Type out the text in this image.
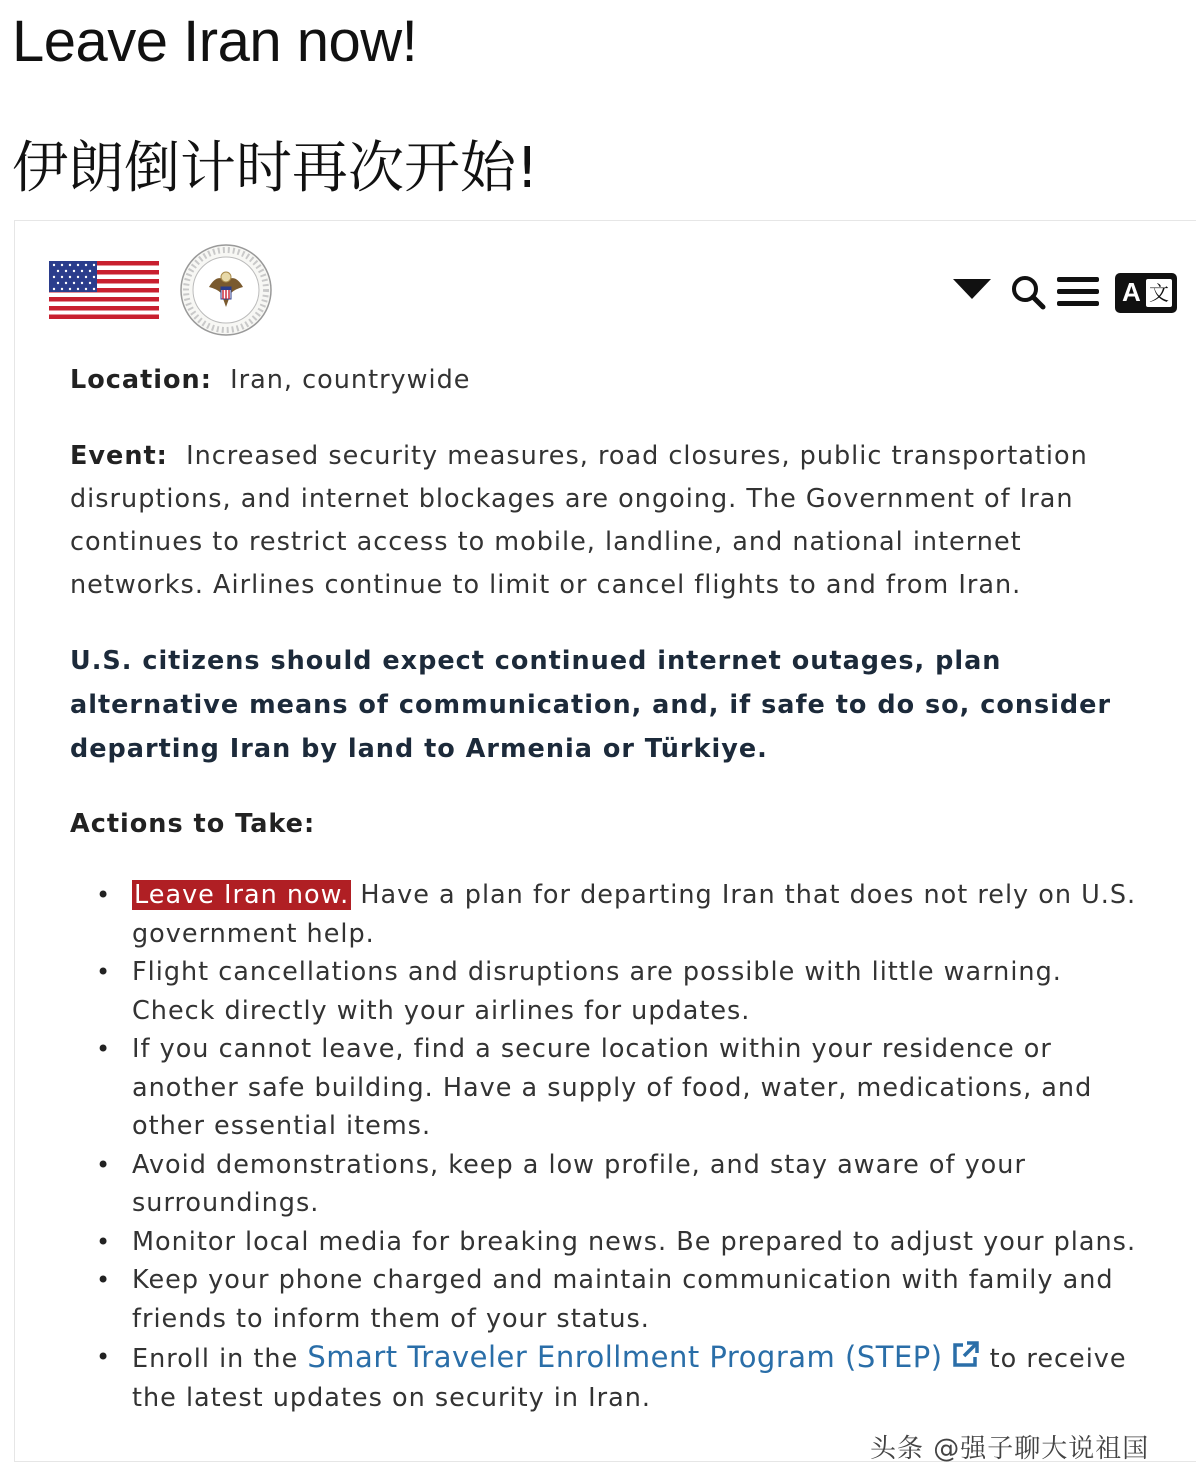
Leave Iran now!
伊朗倒计时再次开始!
A 文

Location: Iran, countrywide

Event: Increased security measures, road closures, public transportation disruptions, and internet blockages are ongoing. The Government of Iran continues to restrict access to mobile, landline, and national internet networks. Airlines continue to limit or cancel flights to and from Iran.

U.S. citizens should expect continued internet outages, plan alternative means of communication, and, if safe to do so, consider departing Iran by land to Armenia or Türkiye.

Actions to Take:

• Leave Iran now. Have a plan for departing Iran that does not rely on U.S. government help.
• Flight cancellations and disruptions are possible with little warning. Check directly with your airlines for updates.
• If you cannot leave, find a secure location within your residence or another safe building. Have a supply of food, water, medications, and other essential items.
• Avoid demonstrations, keep a low profile, and stay aware of your surroundings.
• Monitor local media for breaking news. Be prepared to adjust your plans.
• Keep your phone charged and maintain communication with family and friends to inform them of your status.
• Enroll in the Smart Traveler Enrollment Program (STEP) to receive the latest updates on security in Iran.
头条 @强子聊大说祖国
